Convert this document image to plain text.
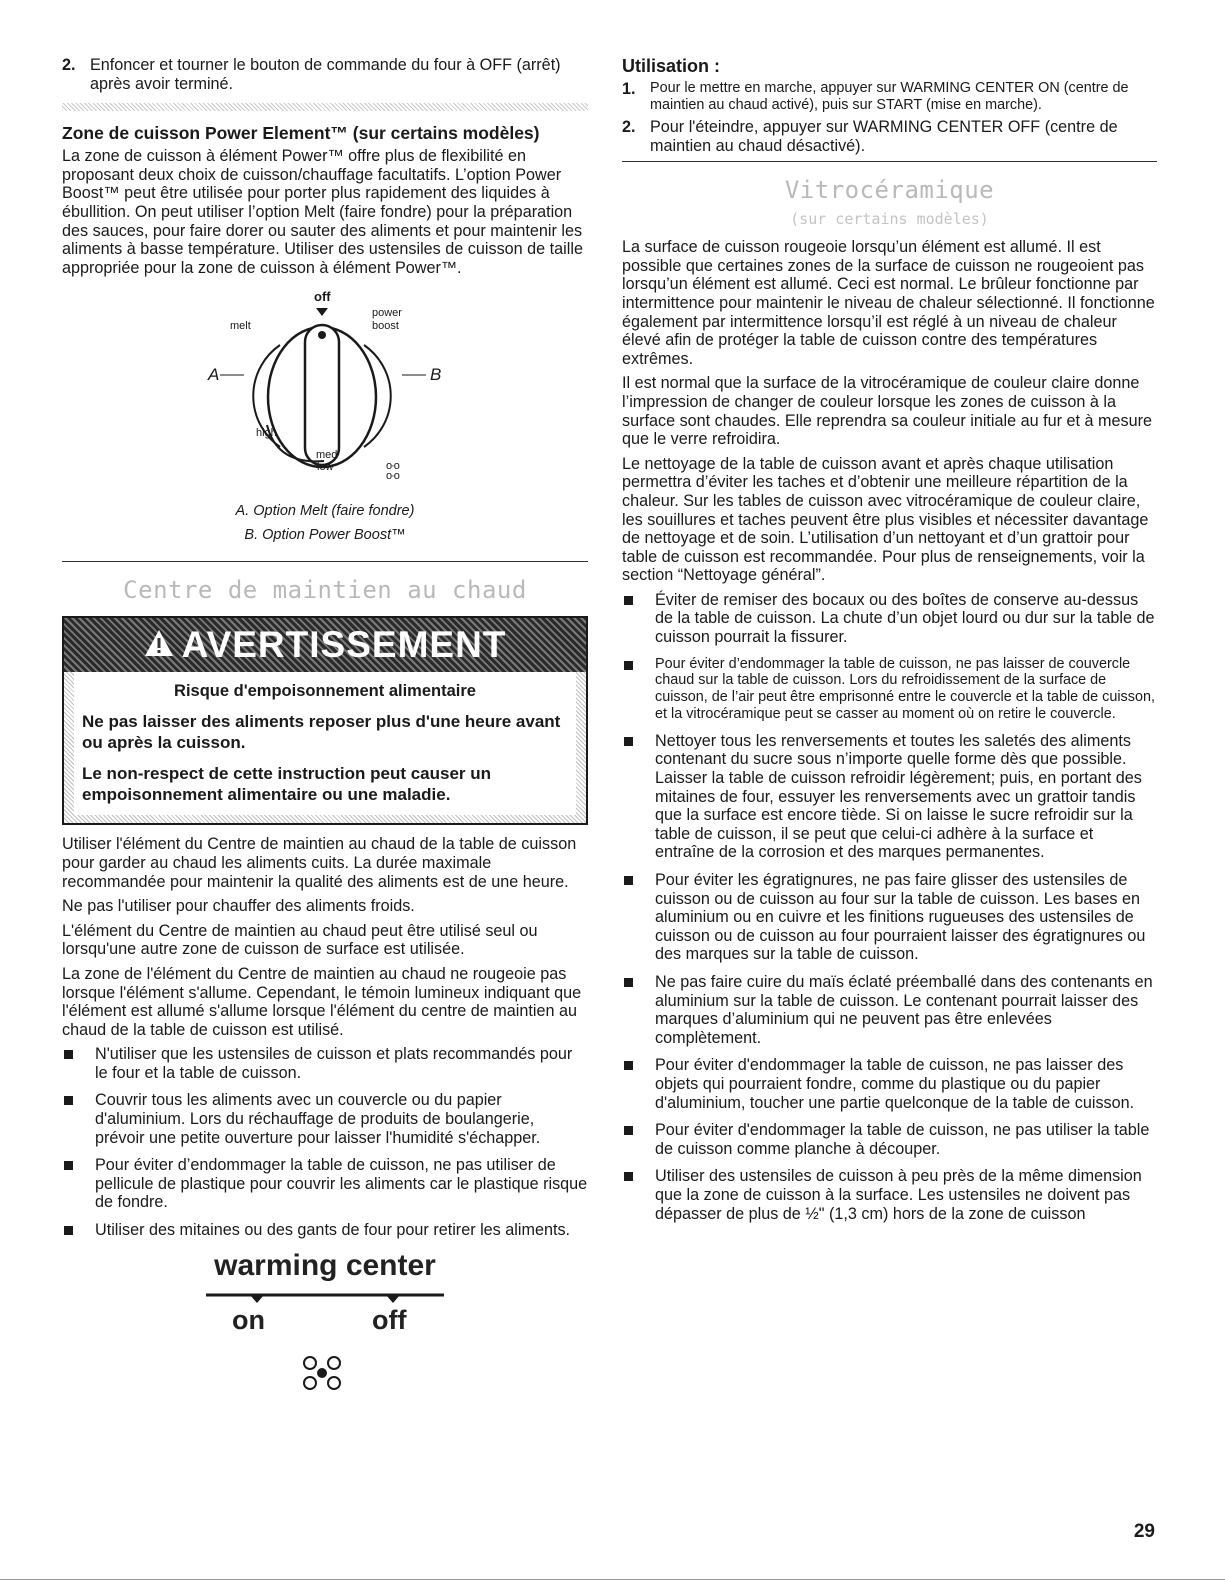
2. Enfoncer et tourner le bouton de commande du four à OFF (arrêt) après avoir terminé.
Zone de cuisson Power Element™ (sur certains modèles)

La zone de cuisson à élément Power™ offre plus de flexibilité en proposant deux choix de cuisson/chauffage facultatifs. L’option Power Boost™ peut être utilisée pour porter plus rapidement des liquides à ébullition. On peut utiliser l’option Melt (faire fondre) pour la préparation des sauces, pour faire dorer ou sauter des aliments et pour maintenir les aliments à basse température. Utiliser des ustensiles de cuisson de taille appropriée pour la zone de cuisson à élément Power™.

off
power
boost
melt
high
med
low
A	B
o·o
o·o
A. Option Melt (faire fondre)
B. Option Power Boost™
Centre de maintien au chaud
AVERTISSEMENT
Risque d'empoisonnement alimentaire
Ne pas laisser des aliments reposer plus d'une heure avant ou après la cuisson.
Le non-respect de cette instruction peut causer un empoisonnement alimentaire ou une maladie.

Utiliser l'élément du Centre de maintien au chaud de la table de cuisson pour garder au chaud les aliments cuits. La durée maximale recommandée pour maintenir la qualité des aliments est de une heure.

Ne pas l'utiliser pour chauffer des aliments froids.

L'élément du Centre de maintien au chaud peut être utilisé seul ou lorsqu'une autre zone de cuisson de surface est utilisée.

La zone de l'élément du Centre de maintien au chaud ne rougeoie pas lorsque l'élément s'allume. Cependant, le témoin lumineux indiquant que l'élément est allumé s'allume lorsque l'élément du centre de maintien au chaud de la table de cuisson est utilisé.

N'utiliser que les ustensiles de cuisson et plats recommandés pour le four et la table de cuisson.
Couvrir tous les aliments avec un couvercle ou du papier d'aluminium. Lors du réchauffage de produits de boulangerie, prévoir une petite ouverture pour laisser l'humidité s'échapper.
Pour éviter d’endommager la table de cuisson, ne pas utiliser de pellicule de plastique pour couvrir les aliments car le plastique risque de fondre.
Utiliser des mitaines ou des gants de four pour retirer les aliments.
warming center
on	off
Utilisation :
1.	Pour le mettre en marche, appuyer sur WARMING CENTER ON (centre de maintien au chaud activé), puis sur START (mise en marche).
2. Pour l'éteindre, appuyer sur WARMING CENTER OFF (centre de maintien au chaud désactivé).
Vitrocéramique
(sur certains modèles)

La surface de cuisson rougeoie lorsqu’un élément est allumé. Il est possible que certaines zones de la surface de cuisson ne rougeoient pas lorsqu’un élément est allumé. Ceci est normal. Le brûleur fonctionne par intermittence pour maintenir le niveau de chaleur sélectionné. Il fonctionne également par intermittence lorsqu’il est réglé à un niveau de chaleur élevé afin de protéger la table de cuisson contre des températures extrêmes.

Il est normal que la surface de la vitrocéramique de couleur claire donne l’impression de changer de couleur lorsque les zones de cuisson à la surface sont chaudes. Elle reprendra sa couleur initiale au fur et à mesure que le verre refroidira.

Le nettoyage de la table de cuisson avant et après chaque utilisation permettra d’éviter les taches et d’obtenir une meilleure répartition de la chaleur. Sur les tables de cuisson avec vitrocéramique de couleur claire, les souillures et taches peuvent être plus visibles et nécessiter davantage de nettoyage et de soin. L’utilisation d’un nettoyant et d’un grattoir pour table de cuisson est recommandée. Pour plus de renseignements, voir la section “Nettoyage général”.

Éviter de remiser des bocaux ou des boîtes de conserve au-dessus de la table de cuisson. La chute d’un objet lourd ou dur sur la table de cuisson pourrait la fissurer.
Pour éviter d’endommager la table de cuisson, ne pas laisser de couvercle chaud sur la table de cuisson. Lors du refroidissement de la surface de cuisson, de l’air peut être emprisonné entre le couvercle et la table de cuisson, et la vitrocéramique peut se casser au moment où on retire le couvercle.
Nettoyer tous les renversements et toutes les saletés des aliments contenant du sucre sous n’importe quelle forme dès que possible. Laisser la table de cuisson refroidir légèrement; puis, en portant des mitaines de four, essuyer les renversements avec un grattoir tandis que la surface est encore tiède. Si on laisse le sucre refroidir sur la table de cuisson, il se peut que celui-ci adhère à la surface et entraîne de la corrosion et des marques permanentes.
Pour éviter les égratignures, ne pas faire glisser des ustensiles de cuisson ou de cuisson au four sur la table de cuisson. Les bases en aluminium ou en cuivre et les finitions rugueuses des ustensiles de cuisson ou de cuisson au four pourraient laisser des égratignures ou des marques sur la table de cuisson.
Ne pas faire cuire du maïs éclaté préemballé dans des contenants en aluminium sur la table de cuisson. Le contenant pourrait laisser des marques d’aluminium qui ne peuvent pas être enlevées complètement.
Pour éviter d'endommager la table de cuisson, ne pas laisser des objets qui pourraient fondre, comme du plastique ou du papier d'aluminium, toucher une partie quelconque de la table de cuisson.
Pour éviter d'endommager la table de cuisson, ne pas utiliser la table de cuisson comme planche à découper.
Utiliser des ustensiles de cuisson à peu près de la même dimension que la zone de cuisson à la surface. Les ustensiles ne doivent pas dépasser de plus de ½" (1,3 cm) hors de la zone de cuisson
29
